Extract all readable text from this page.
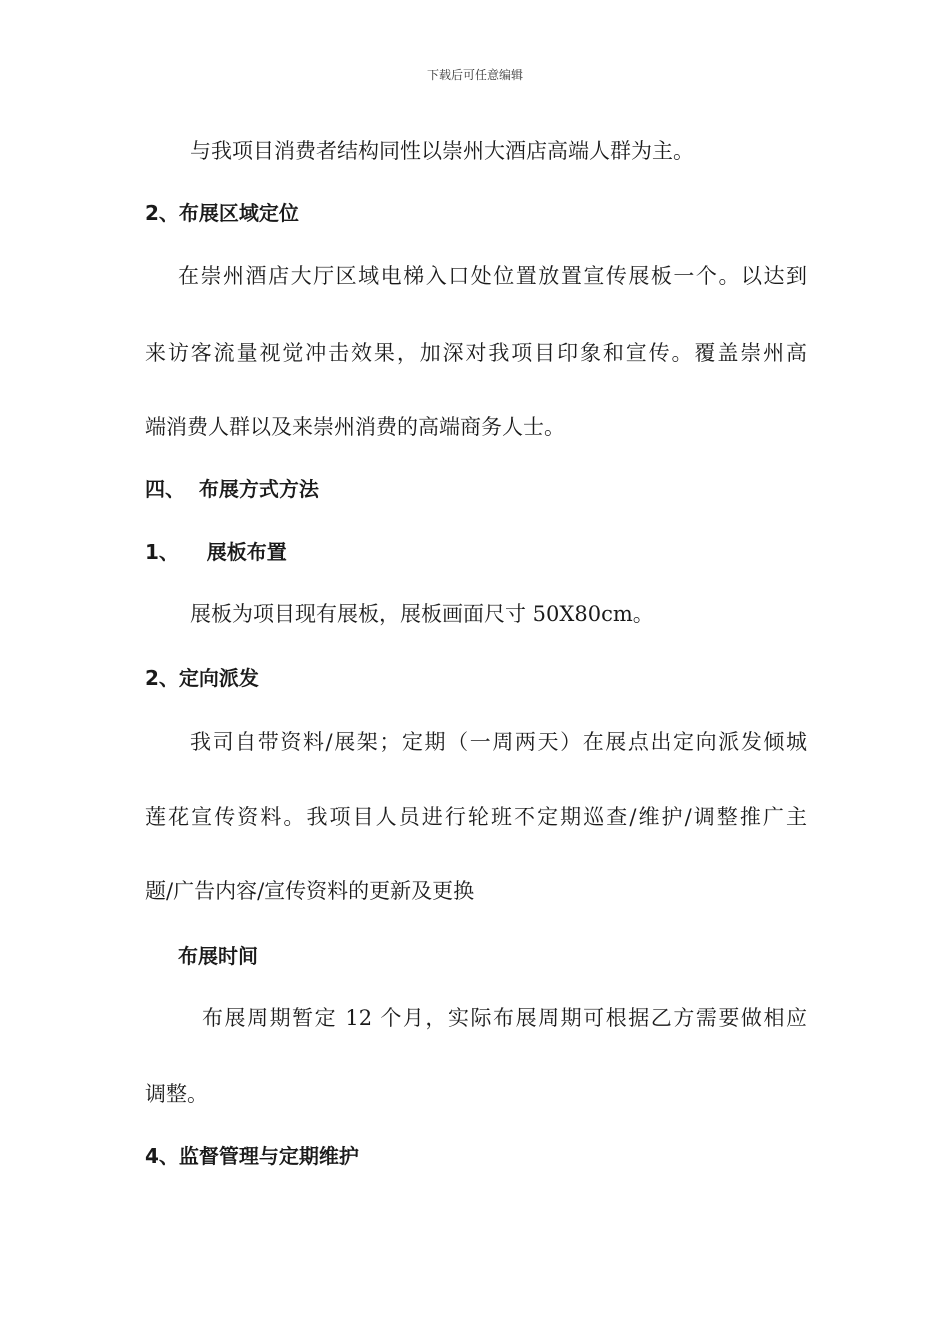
下载后可任意编辑
与我项目消费者结构同性以崇州大酒店高端人群为主。
2、布展区域定位
在崇州酒店大厅区域电梯入口处位置放置宣传展板一个。以达到
来访客流量视觉冲击效果，加深对我项目印象和宣传。覆盖崇州高
端消费人群以及来崇州消费的高端商务人士。
四、  布展方式方法
1、    展板布置
展板为项目现有展板，展板画面尺寸 50X80cm。
2、定向派发
我司自带资料/展架；定期（一周两天）在展点出定向派发倾城
莲花宣传资料。我项目人员进行轮班不定期巡查/维护/调整推广主
题/广告内容/宣传资料的更新及更换
布展时间
布展周期暂定 12 个月，实际布展周期可根据乙方需要做相应
调整。
4、监督管理与定期维护
